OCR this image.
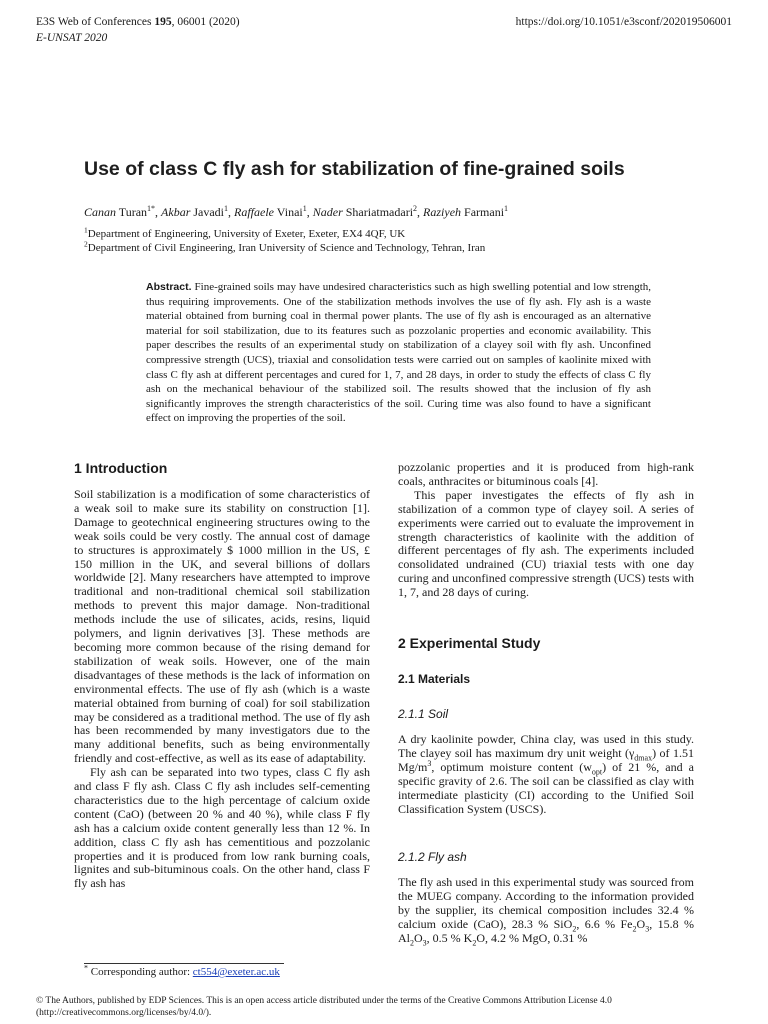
E3S Web of Conferences 195, 06001 (2020)
E-UNSAT 2020
https://doi.org/10.1051/e3sconf/202019506001
Use of class C fly ash for stabilization of fine-grained soils
Canan Turan$^{1*}$, Akbar Javadi$^1$, Raffaele Vinai$^1$, Nader Shariatmadari$^2$, Raziyeh Farmani$^1$
$^1$Department of Engineering, University of Exeter, Exeter, EX4 4QF, UK
$^2$Department of Civil Engineering, Iran University of Science and Technology, Tehran, Iran
Abstract. Fine-grained soils may have undesired characteristics such as high swelling potential and low strength, thus requiring improvements. One of the stabilization methods involves the use of fly ash. Fly ash is a waste material obtained from burning coal in thermal power plants. The use of fly ash is encouraged as an alternative material for soil stabilization, due to its features such as pozzolanic properties and economic availability. This paper describes the results of an experimental study on stabilization of a clayey soil with fly ash. Unconfined compressive strength (UCS), triaxial and consolidation tests were carried out on samples of kaolinite mixed with class C fly ash at different percentages and cured for 1, 7, and 28 days, in order to study the effects of class C fly ash on the mechanical behaviour of the stabilized soil. The results showed that the inclusion of fly ash significantly improves the strength characteristics of the soil. Curing time was also found to have a significant effect on improving the properties of the soil.
1 Introduction

Soil stabilization is a modification of some characteristics of a weak soil to make sure its stability on construction [1]. Damage to geotechnical engineering structures owing to the weak soils could be very costly. The annual cost of damage to structures is approximately $ 1000 million in the US, £ 150 million in the UK, and several billions of dollars worldwide [2]. Many researchers have attempted to improve traditional and non-traditional chemical soil stabilization methods to prevent this major damage. Non-traditional methods include the use of silicates, acids, resins, liquid polymers, and lignin derivatives [3]. These methods are becoming more common because of the rising demand for stabilization of weak soils. However, one of the main disadvantages of these methods is the lack of information on environmental effects. The use of fly ash (which is a waste material obtained from burning of coal) for soil stabilization may be considered as a traditional method. The use of fly ash has been recommended by many investigators due to the many additional benefits, such as being environmentally friendly and cost-effective, as well as its ease of adaptability.

Fly ash can be separated into two types, class C fly ash and class F fly ash. Class C fly ash includes self-cementing characteristics due to the high percentage of calcium oxide content (CaO) (between 20 % and 40 %), while class F fly ash has a calcium oxide content generally less than 12 %. In addition, class C fly ash has cementitious and pozzolanic properties and it is produced from low rank burning coals, lignites and sub-bituminous coals. On the other hand, class F fly ash has

pozzolanic properties and it is produced from high-rank coals, anthracites or bituminous coals [4].

This paper investigates the effects of fly ash in stabilization of a common type of clayey soil. A series of experiments were carried out to evaluate the improvement in strength characteristics of kaolinite with the addition of different percentages of fly ash. The experiments included consolidated undrained (CU) triaxial tests with one day curing and unconfined compressive strength (UCS) tests with 1, 7, and 28 days of curing.

2 Experimental Study
2.1 Materials
2.1.1 Soil
A dry kaolinite powder, China clay, was used in this study. The clayey soil has maximum dry unit weight $(\gamma_{dmax})$ of 1.51 $Mg/m^3$, optimum moisture content $(w_{opt})$ of 21 %, and a specific gravity of 2.6. The soil can be classified as clay with intermediate plasticity (CI) according to the Unified Soil Classification System (USCS).
2.1.2 Fly ash
The fly ash used in this experimental study was sourced from the MUEG company. According to the information provided by the supplier, its chemical composition includes 32.4 % calcium oxide (CaO), 28.3 % SiO$_2$, 6.6 % $Fe_2O_3$, 15.8 % $Al_2O_3$, 0.5 % $K_2O$, 4.2 % MgO, 0.31 %
* Corresponding author: ct554@exeter.ac.uk
© The Authors, published by EDP Sciences. This is an open access article distributed under the terms of the Creative Commons Attribution License 4.0 (http://creativecommons.org/licenses/by/4.0/).
